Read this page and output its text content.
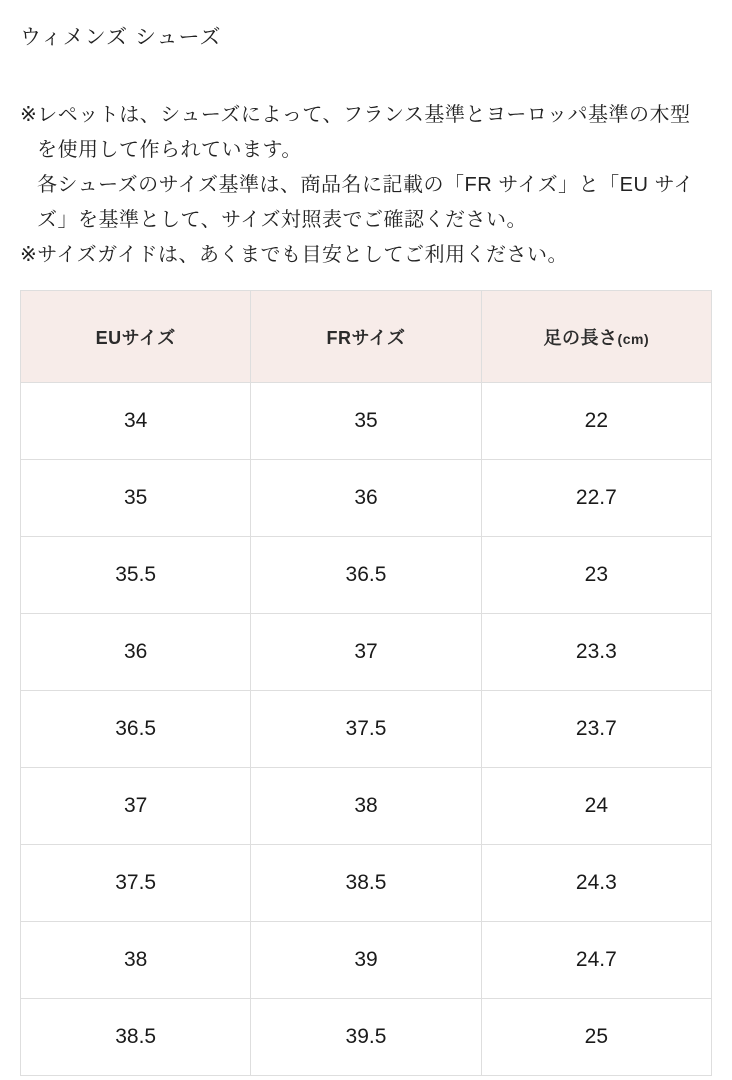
ウィメンズ シューズ
※レペットは、シューズによって、フランス基準とヨーロッパ基準の木型
を使用して作られています。
各シューズのサイズ基準は、商品名に記載の「FR サイズ」と「EU サイ
ズ」を基準として、サイズ対照表でご確認ください。
※サイズガイドは、あくまでも目安としてご利用ください。
EUサイズ	FRサイズ	足の長さ(cm)
34	35	22
35	36	22.7
35.5	36.5	23
36	37	23.3
36.5	37.5	23.7
37	38	24
37.5	38.5	24.3
38	39	24.7
38.5	39.5	25
